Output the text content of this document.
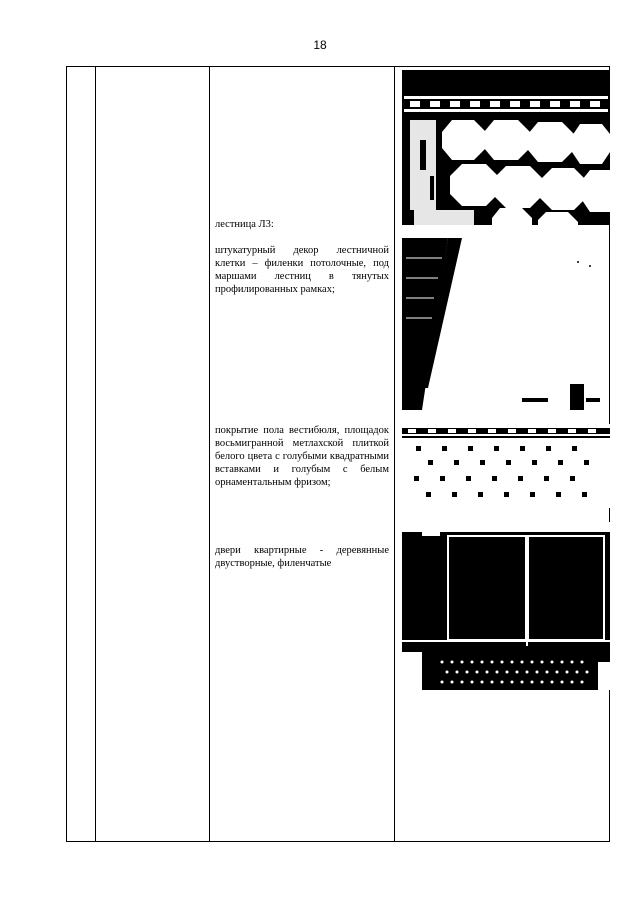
18
лестница Л3:
штукатурный декор лестничной клетки – филенки потолочные, под маршами лестниц в тянутых профилированных рамках;
покрытие пола вестибюля, площадок восьмигранной метлахской плиткой белого цвета с голубыми квадратными вставками и голубым с белым орнаментальным фризом;
двери квартирные - деревянные двустворные, филенчатые
